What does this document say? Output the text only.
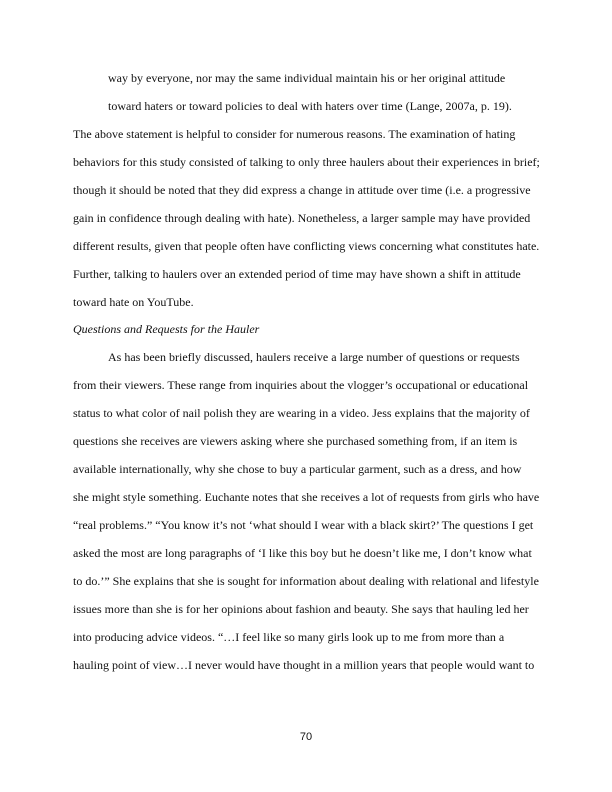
way by everyone, nor may the same individual maintain his or her original attitude
toward haters or toward policies to deal with haters over time (Lange, 2007a, p. 19).
The above statement is helpful to consider for numerous reasons. The examination of hating
behaviors for this study consisted of talking to only three haulers about their experiences in brief;
though it should be noted that they did express a change in attitude over time (i.e. a progressive
gain in confidence through dealing with hate). Nonetheless, a larger sample may have provided
different results, given that people often have conflicting views concerning what constitutes hate.
Further, talking to haulers over an extended period of time may have shown a shift in attitude
toward hate on YouTube.
Questions and Requests for the Hauler
As has been briefly discussed, haulers receive a large number of questions or requests
from their viewers. These range from inquiries about the vlogger’s occupational or educational
status to what color of nail polish they are wearing in a video. Jess explains that the majority of
questions she receives are viewers asking where she purchased something from, if an item is
available internationally, why she chose to buy a particular garment, such as a dress, and how
she might style something. Euchante notes that she receives a lot of requests from girls who have
“real problems.” “You know it’s not ‘what should I wear with a black skirt?’ The questions I get
asked the most are long paragraphs of ‘I like this boy but he doesn’t like me, I don’t know what
to do.’” She explains that she is sought for information about dealing with relational and lifestyle
issues more than she is for her opinions about fashion and beauty. She says that hauling led her
into producing advice videos. “…I feel like so many girls look up to me from more than a
hauling point of view…I never would have thought in a million years that people would want to
70
